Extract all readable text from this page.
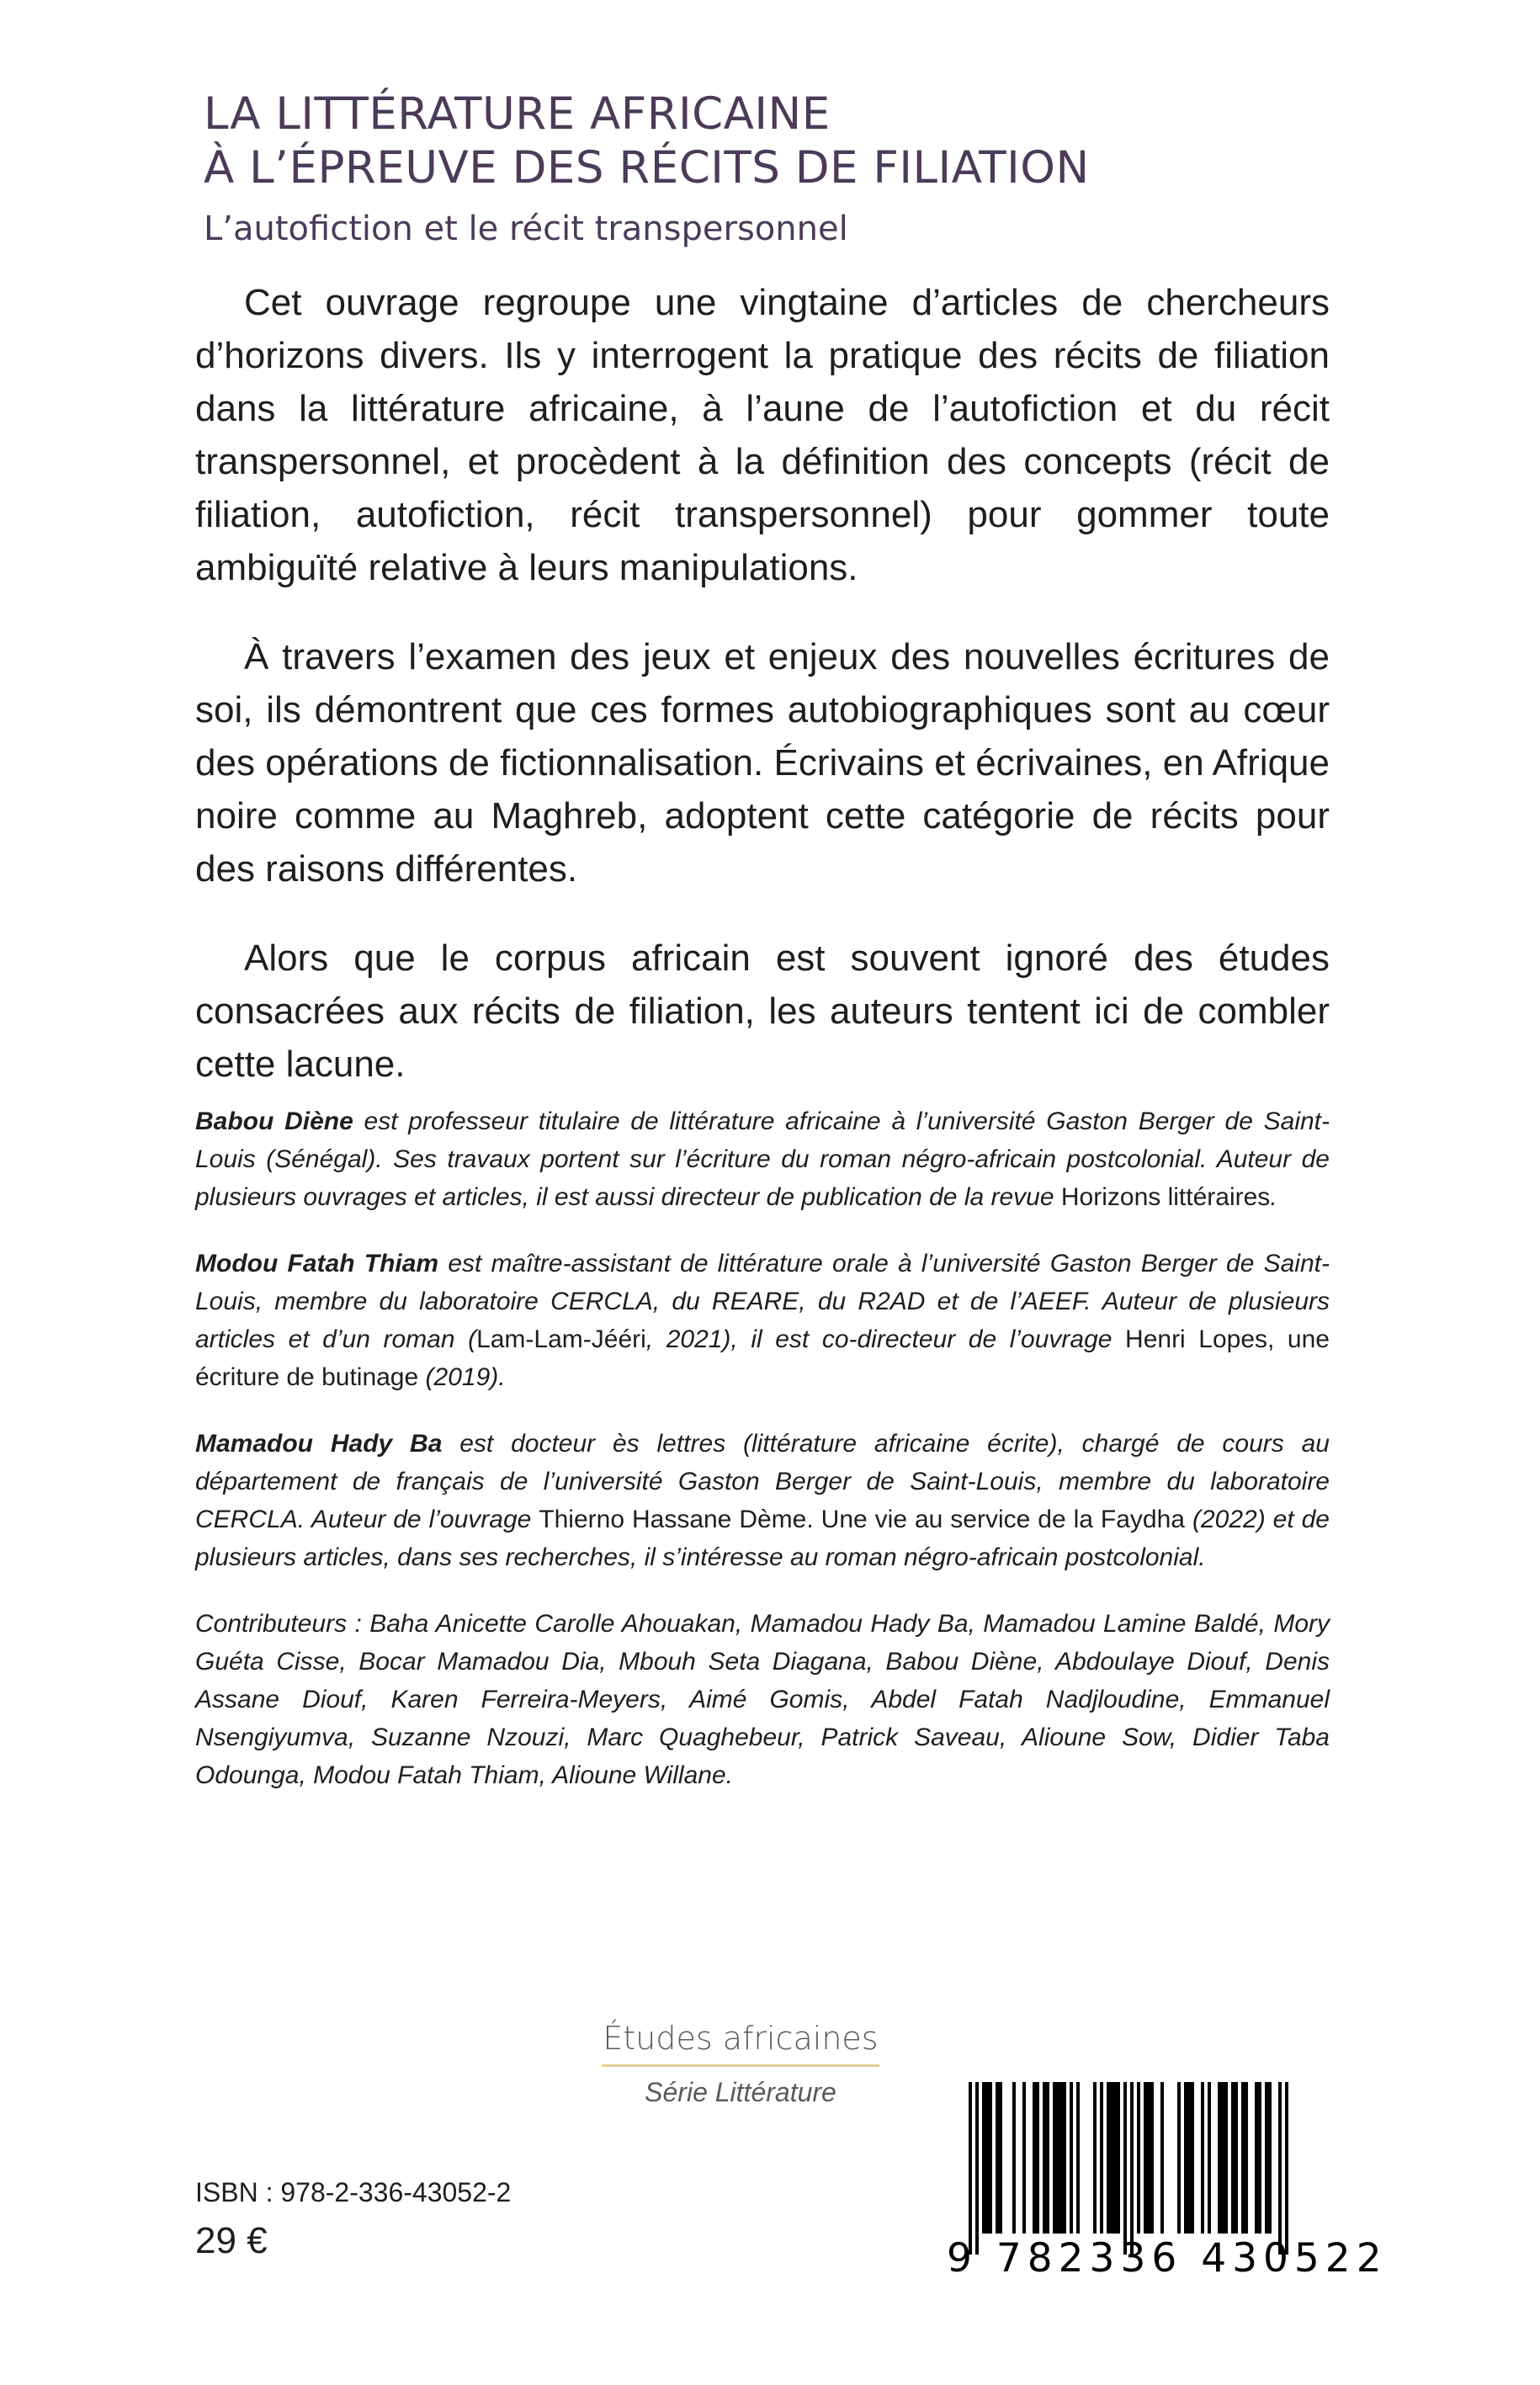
LA LITTÉRATURE AFRICAINE
À L’ÉPREUVE DES RÉCITS DE FILIATION
L’autofiction et le récit transpersonnel

Cet ouvrage regroupe une vingtaine d’articles de chercheurs d’horizons divers. Ils y interrogent la pratique des récits de filiation dans la littérature africaine, à l’aune de l’autofiction et du récit transpersonnel, et procèdent à la définition des concepts (récit de filiation, autofiction, récit transpersonnel) pour gommer toute ambiguïté relative à leurs manipulations.

À travers l’examen des jeux et enjeux des nouvelles écritures de soi, ils démontrent que ces formes autobiographiques sont au cœur des opérations de fictionnalisation. Écrivains et écrivaines, en Afrique noire comme au Maghreb, adoptent cette catégorie de récits pour des raisons différentes.

Alors que le corpus africain est souvent ignoré des études consacrées aux récits de filiation, les auteurs tentent ici de combler cette lacune.

Babou Diène est professeur titulaire de littérature africaine à l’université Gaston Berger de Saint-Louis (Sénégal). Ses travaux portent sur l’écriture du roman négro-africain postcolonial. Auteur de plusieurs ouvrages et articles, il est aussi directeur de publication de la revue Horizons littéraires.

Modou Fatah Thiam est maître-assistant de littérature orale à l’université Gaston Berger de Saint-Louis, membre du laboratoire CERCLA, du REARE, du R2AD et de l’AEEF. Auteur de plusieurs articles et d’un roman (Lam-Lam-Jééri, 2021), il est co-directeur de l’ouvrage Henri Lopes, une écriture de butinage (2019).

Mamadou Hady Ba est docteur ès lettres (littérature africaine écrite), chargé de cours au département de français de l’université Gaston Berger de Saint-Louis, membre du laboratoire CERCLA. Auteur de l’ouvrage Thierno Hassane Dème. Une vie au service de la Faydha (2022) et de plusieurs articles, dans ses recherches, il s’intéresse au roman négro-africain postcolonial.

Contributeurs : Baha Anicette Carolle Ahouakan, Mamadou Hady Ba, Mamadou Lamine Baldé, Mory Guéta Cisse, Bocar Mamadou Dia, Mbouh Seta Diagana, Babou Diène, Abdoulaye Diouf, Denis Assane Diouf, Karen Ferreira-Meyers, Aimé Gomis, Abdel Fatah Nadjloudine, Emmanuel Nsengiyumva, Suzanne Nzouzi, Marc Quaghebeur, Patrick Saveau, Alioune Sow, Didier Taba Odounga, Modou Fatah Thiam, Alioune Willane.

Études africaines
Série Littérature
ISBN : 978-2-336-43052-2
29 €	9 782336 430522
